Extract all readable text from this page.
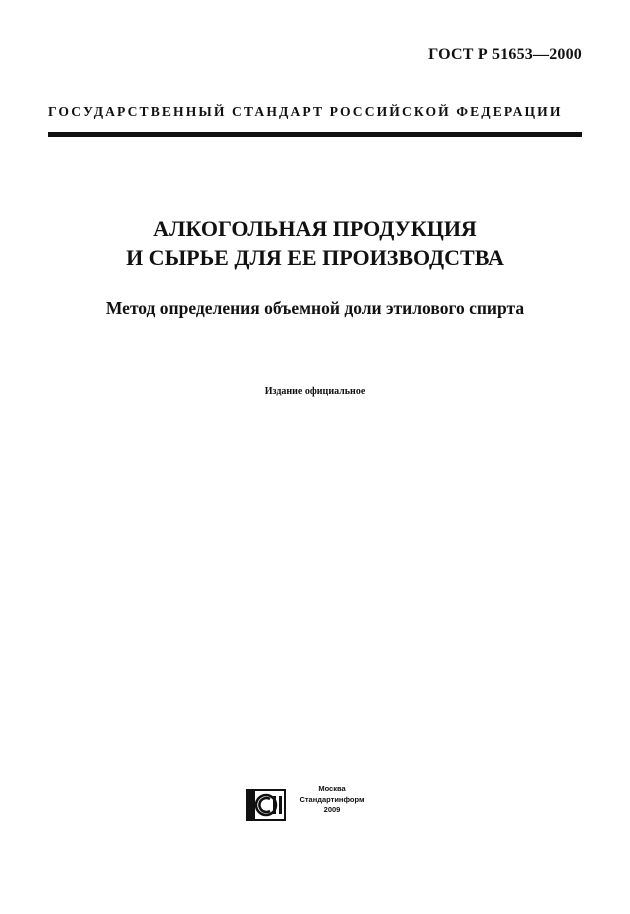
ГОСТ Р 51653—2000
ГОСУДАРСТВЕННЫЙ СТАНДАРТ РОССИЙСКОЙ ФЕДЕРАЦИИ

АЛКОГОЛЬНАЯ ПРОДУКЦИЯ

И СЫРЬЕ ДЛЯ ЕЕ ПРОИЗВОДСТВА

Метод определения объемной доли этилового спирта
Издание официальное
Москва
Стандартинформ
2009
